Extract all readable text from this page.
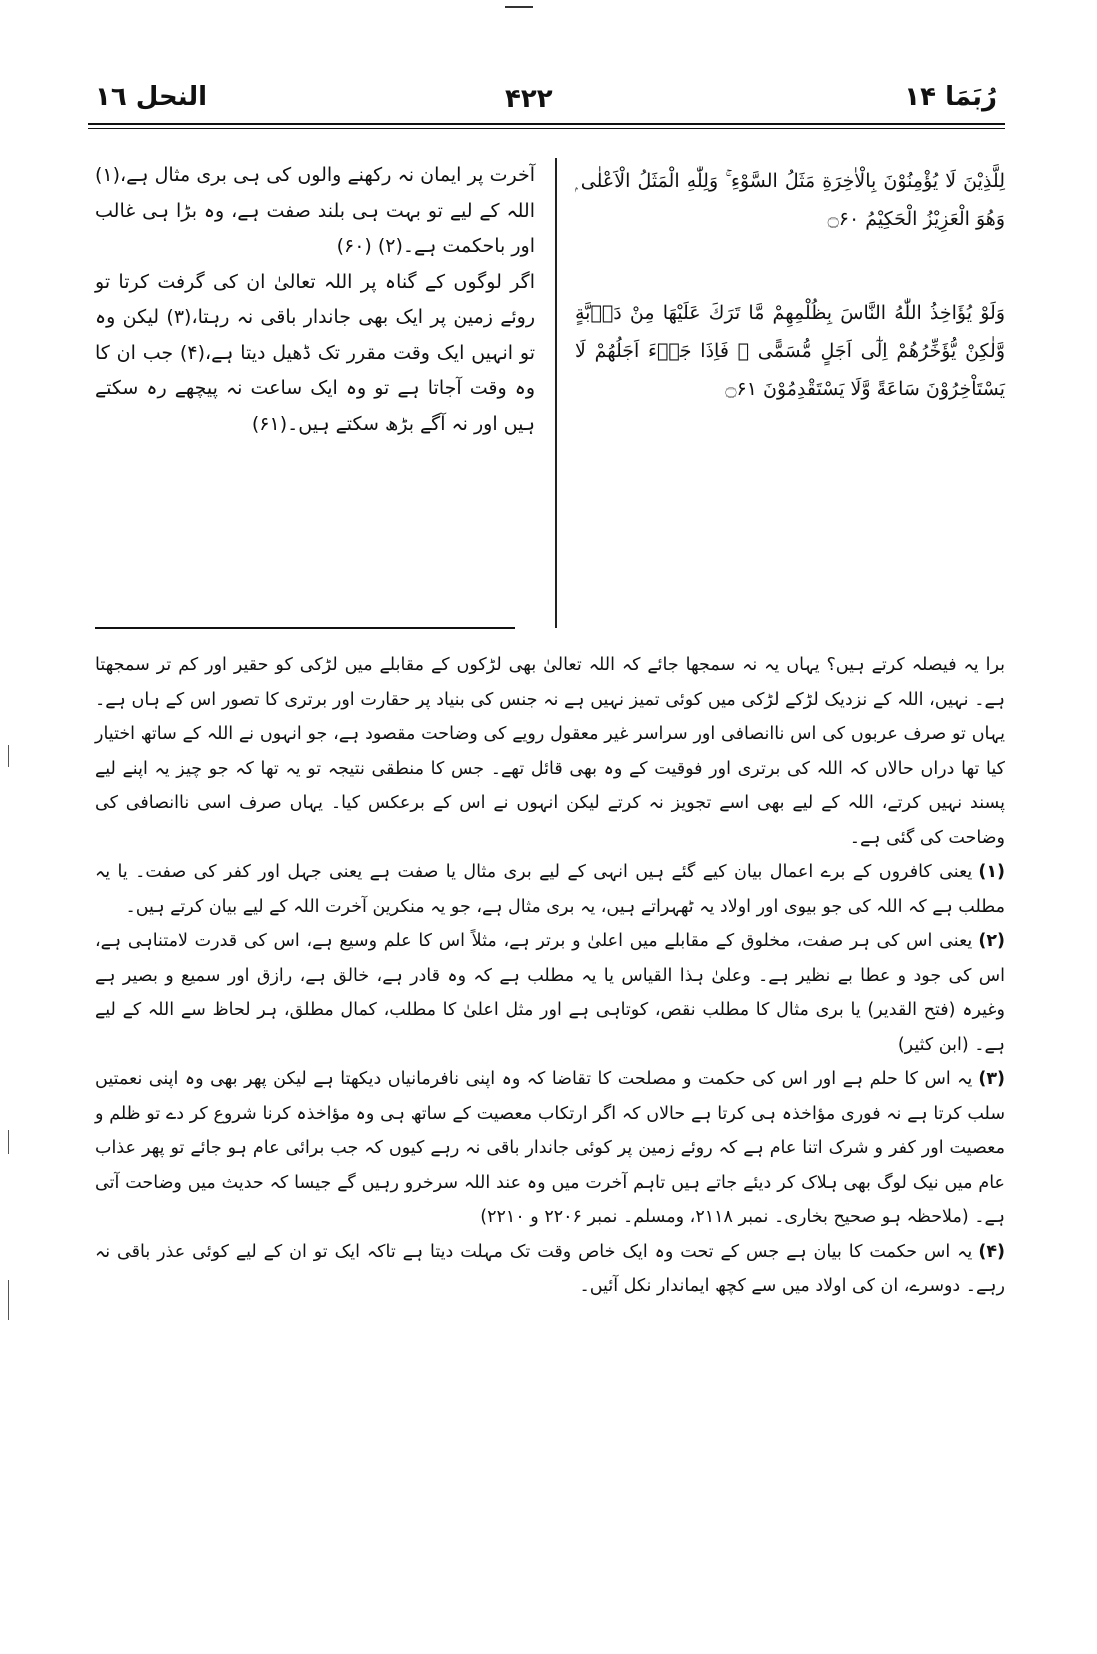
النحل ١٦	۴۲۲	رُبَمَا ۱۴

آخرت پر ایمان نہ رکھنے والوں کی ہی بری مثال ہے،(۱) اللہ کے لیے تو بہت ہی بلند صفت ہے، وہ بڑا ہی غالب اور باحکمت ہے۔(۲) (۶۰)

اگر لوگوں کے گناہ پر اللہ تعالیٰ ان کی گرفت کرتا تو روئے زمین پر ایک بھی جاندار باقی نہ رہتا،(۳) لیکن وہ تو انہیں ایک وقت مقرر تک ڈھیل دیتا ہے،(۴) جب ان کا وہ وقت آجاتا ہے تو وہ ایک ساعت نہ پیچھے رہ سکتے ہیں اور نہ آگے بڑھ سکتے ہیں۔(۶۱)

لِلَّذِيْنَ لَا يُؤْمِنُوْنَ بِالْاٰخِرَةِ مَثَلُ السَّوْءِ ۚ وَلِلّٰهِ الْمَثَلُ الْاَعْلٰى ۭ وَهُوَ الْعَزِيْزُ الْحَكِيْمُ ۝۶۰

وَلَوْ يُؤَاخِذُ اللّٰهُ النَّاسَ بِظُلْمِهِمْ مَّا تَرَكَ عَلَيْهَا مِنْ دَاۗبَّةٍ وَّلٰكِنْ يُّؤَخِّرُهُمْ اِلٰٓى اَجَلٍ مُّسَمًّى ۚ فَاِذَا جَاۗءَ اَجَلُهُمْ لَا يَسْتَاْخِرُوْنَ سَاعَةً وَّلَا يَسْتَقْدِمُوْنَ ۝۶۱

برا یہ فیصلہ کرتے ہیں؟ یہاں یہ نہ سمجھا جائے کہ اللہ تعالیٰ بھی لڑکوں کے مقابلے میں لڑکی کو حقیر اور کم تر سمجھتا ہے۔ نہیں، اللہ کے نزدیک لڑکے لڑکی میں کوئی تمیز نہیں ہے نہ جنس کی بنیاد پر حقارت اور برتری کا تصور اس کے ہاں ہے۔ یہاں تو صرف عربوں کی اس ناانصافی اور سراسر غیر معقول رویے کی وضاحت مقصود ہے، جو انہوں نے اللہ کے ساتھ اختیار کیا تھا دراں حالاں کہ اللہ کی برتری اور فوقیت کے وہ بھی قائل تھے۔ جس کا منطقی نتیجہ تو یہ تھا کہ جو چیز یہ اپنے لیے پسند نہیں کرتے، اللہ کے لیے بھی اسے تجویز نہ کرتے لیکن انہوں نے اس کے برعکس کیا۔ یہاں صرف اسی ناانصافی کی وضاحت کی گئی ہے۔

(۱)یعنی کافروں کے برے اعمال بیان کیے گئے ہیں انہی کے لیے بری مثال یا صفت ہے یعنی جہل اور کفر کی صفت۔ یا یہ مطلب ہے کہ اللہ کی جو بیوی اور اولاد یہ ٹھہراتے ہیں، یہ بری مثال ہے، جو یہ منکرین آخرت اللہ کے لیے بیان کرتے ہیں۔

(۲)یعنی اس کی ہر صفت، مخلوق کے مقابلے میں اعلیٰ و برتر ہے، مثلاً اس کا علم وسیع ہے، اس کی قدرت لامتناہی ہے، اس کی جود و عطا بے نظیر ہے۔ وعلیٰ ہذا القیاس یا یہ مطلب ہے کہ وہ قادر ہے، خالق ہے، رازق اور سمیع و بصیر ہے وغیرہ (فتح القدیر) یا بری مثال کا مطلب نقص، کوتاہی ہے اور مثل اعلیٰ کا مطلب، کمال مطلق، ہر لحاظ سے اللہ کے لیے ہے۔ (ابن کثیر)

(۳)یہ اس کا حلم ہے اور اس کی حکمت و مصلحت کا تقاضا کہ وہ اپنی نافرمانیاں دیکھتا ہے لیکن پھر بھی وہ اپنی نعمتیں سلب کرتا ہے نہ فوری مؤاخذہ ہی کرتا ہے حالاں کہ اگر ارتکاب معصیت کے ساتھ ہی وہ مؤاخذہ کرنا شروع کر دے تو ظلم و معصیت اور کفر و شرک اتنا عام ہے کہ روئے زمین پر کوئی جاندار باقی نہ رہے کیوں کہ جب برائی عام ہو جائے تو پھر عذاب عام میں نیک لوگ بھی ہلاک کر دیئے جاتے ہیں تاہم آخرت میں وہ عند اللہ سرخرو رہیں گے جیسا کہ حدیث میں وضاحت آتی ہے۔ (ملاحظہ ہو صحیح بخاری۔ نمبر ۲۱۱۸، ومسلم۔ نمبر ۲۲۰۶ و ۲۲۱۰)

(۴)یہ اس حکمت کا بیان ہے جس کے تحت وہ ایک خاص وقت تک مہلت دیتا ہے تاکہ ایک تو ان کے لیے کوئی عذر باقی نہ رہے۔ دوسرے، ان کی اولاد میں سے کچھ ایماندار نکل آئیں۔
